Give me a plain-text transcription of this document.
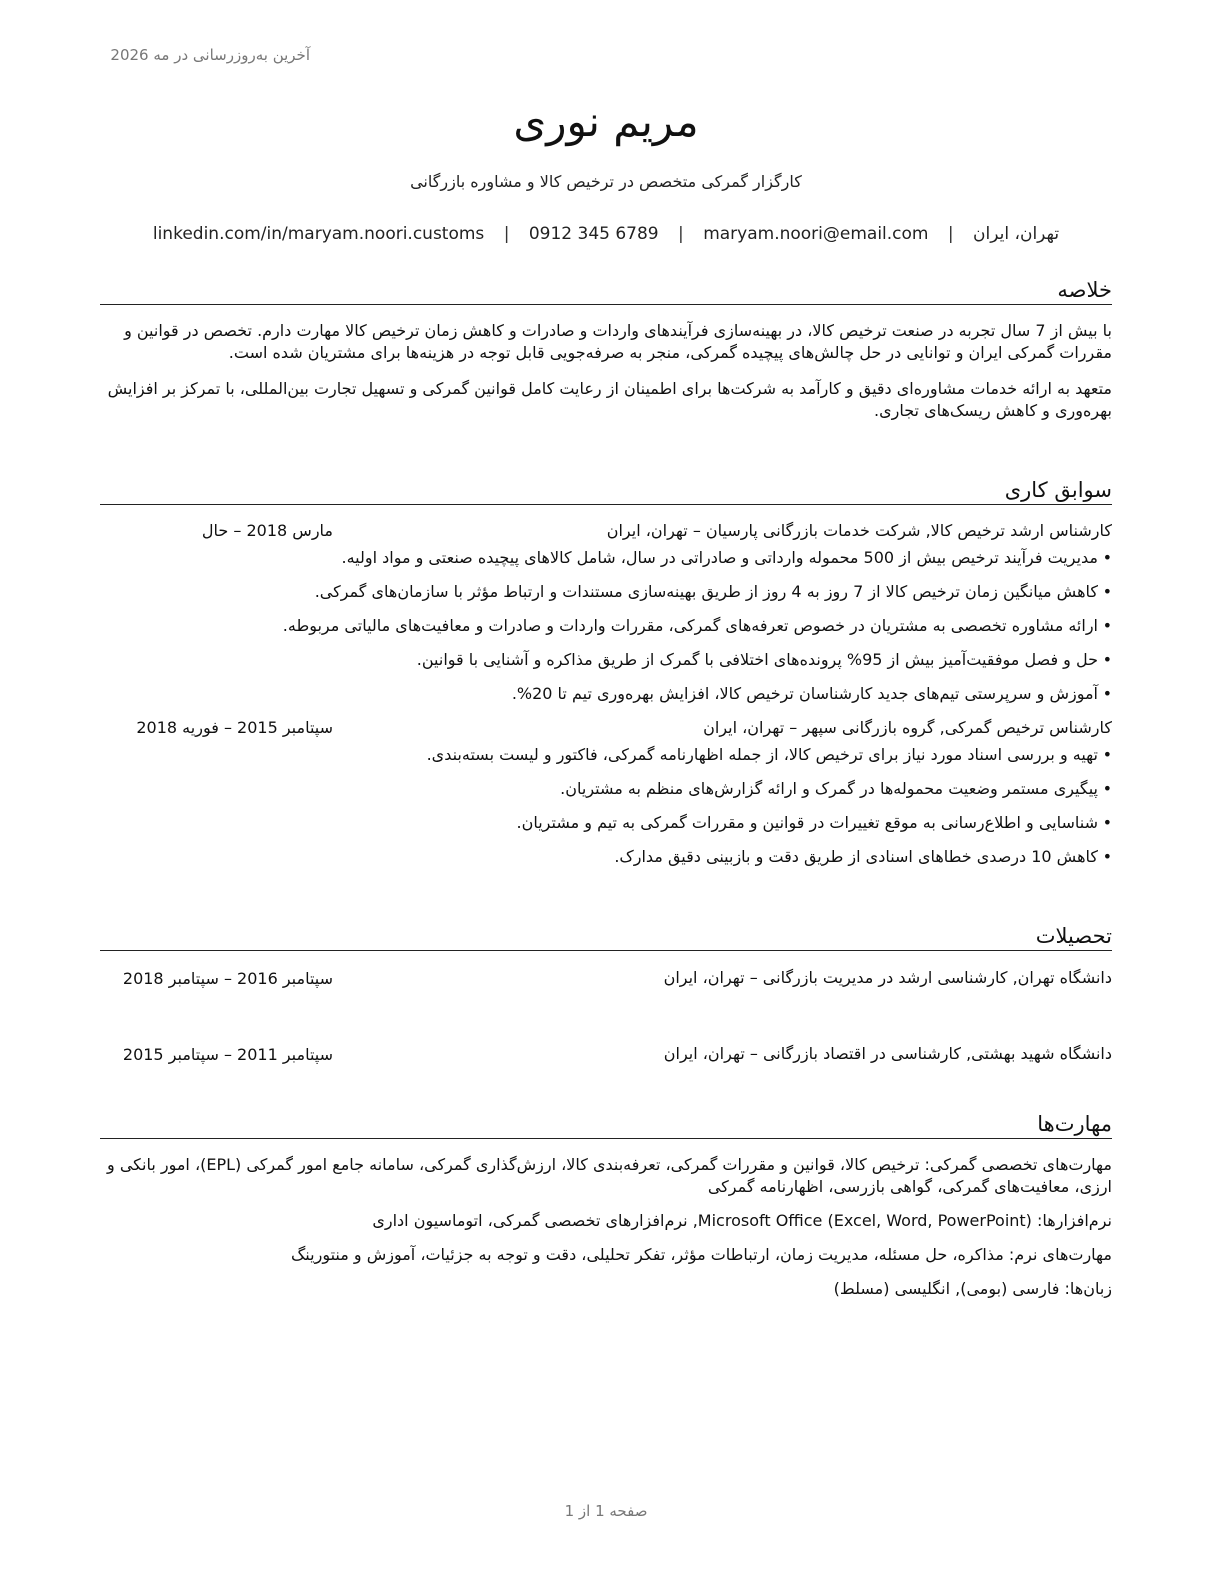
آخرین به‌روزرسانی در مه 2026
مریم نوری
کارگزار گمرکی متخصص در ترخیص کالا و مشاوره بازرگانی
تهران، ایران | maryam.noori@email.com | 0912 345 6789 | linkedin.com/in/maryam.noori.customs
خلاصه

با بیش از 7 سال تجربه در صنعت ترخیص کالا، در بهینه‌سازی فرآیندهای واردات و صادرات و کاهش زمان ترخیص کالا مهارت دارم. تخصص در قوانین و مقررات گمرکی ایران و توانایی در حل چالش‌های پیچیده گمرکی، منجر به صرفه‌جویی قابل توجه در هزینه‌ها برای مشتریان شده است.

متعهد به ارائه خدمات مشاوره‌ای دقیق و کارآمد به شرکت‌ها برای اطمینان از رعایت کامل قوانین گمرکی و تسهیل تجارت بین‌المللی، با تمرکز بر افزایش بهره‌وری و کاهش ریسک‌های تجاری.

سوابق کاری
کارشناس ارشد ترخیص کالا, شرکت خدمات بازرگانی پارسیان – تهران، ایران
مارس 2018 – حال
•مدیریت فرآیند ترخیص بیش از 500 محموله وارداتی و صادراتی در سال، شامل کالاهای پیچیده صنعتی و مواد اولیه.
•کاهش میانگین زمان ترخیص کالا از 7 روز به 4 روز از طریق بهینه‌سازی مستندات و ارتباط مؤثر با سازمان‌های گمرکی.
•ارائه مشاوره تخصصی به مشتریان در خصوص تعرفه‌های گمرکی، مقررات واردات و صادرات و معافیت‌های مالیاتی مربوطه.
•حل و فصل موفقیت‌آمیز بیش از 95% پرونده‌های اختلافی با گمرک از طریق مذاکره و آشنایی با قوانین.
•آموزش و سرپرستی تیم‌های جدید کارشناسان ترخیص کالا، افزایش بهره‌وری تیم تا 20%.
کارشناس ترخیص گمرکی, گروه بازرگانی سپهر – تهران، ایران
سپتامبر 2015 – فوریه 2018
•تهیه و بررسی اسناد مورد نیاز برای ترخیص کالا، از جمله اظهارنامه گمرکی، فاکتور و لیست بسته‌بندی.
•پیگیری مستمر وضعیت محموله‌ها در گمرک و ارائه گزارش‌های منظم به مشتریان.
•شناسایی و اطلاع‌رسانی به موقع تغییرات در قوانین و مقررات گمرکی به تیم و مشتریان.
•کاهش 10 درصدی خطاهای اسنادی از طریق دقت و بازبینی دقیق مدارک.
تحصیلات
دانشگاه تهران, کارشناسی ارشد در مدیریت بازرگانی – تهران، ایران
سپتامبر 2016 – سپتامبر 2018
دانشگاه شهید بهشتی, کارشناسی در اقتصاد بازرگانی – تهران، ایران
سپتامبر 2011 – سپتامبر 2015
مهارت‌ها

مهارت‌های تخصصی گمرکی: ترخیص کالا، قوانین و مقررات گمرکی، تعرفه‌بندی کالا، ارزش‌گذاری گمرکی، سامانه جامع امور گمرکی (EPL)، امور بانکی و ارزی، معافیت‌های گمرکی، گواهی بازرسی، اظهارنامه گمرکی

نرم‌افزارها: Microsoft Office (Excel, Word, PowerPoint), نرم‌افزارهای تخصصی گمرکی، اتوماسیون اداری

مهارت‌های نرم: مذاکره، حل مسئله، مدیریت زمان، ارتباطات مؤثر، تفکر تحلیلی، دقت و توجه به جزئیات، آموزش و منتورینگ

زبان‌ها: فارسی (بومی), انگلیسی (مسلط)

صفحه 1 از 1
